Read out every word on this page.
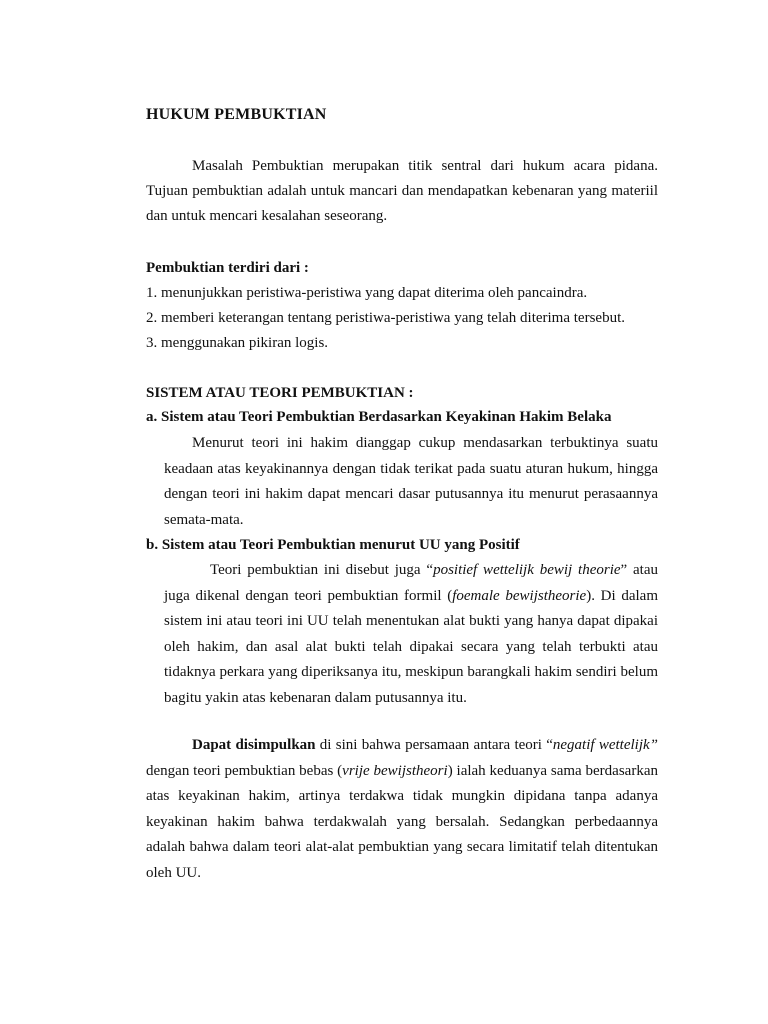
HUKUM PEMBUKTIAN

Masalah Pembuktian merupakan titik sentral dari hukum acara pidana. Tujuan pembuktian adalah untuk mancari dan mendapatkan kebenaran yang materiil dan untuk mencari kesalahan seseorang.

Pembuktian terdiri dari :
1. menunjukkan peristiwa-peristiwa yang dapat diterima oleh pancaindra.
2. memberi keterangan tentang peristiwa-peristiwa yang telah diterima tersebut.
3. menggunakan pikiran logis.
SISTEM ATAU TEORI PEMBUKTIAN :
a. Sistem atau Teori Pembuktian Berdasarkan Keyakinan Hakim Belaka

Menurut teori ini hakim dianggap cukup mendasarkan terbuktinya suatu keadaan atas keyakinannya dengan tidak terikat pada suatu aturan hukum, hingga dengan teori ini hakim dapat mencari dasar putusannya itu menurut perasaannya semata-mata.

b. Sistem atau Teori Pembuktian menurut UU yang Positif

Teori pembuktian ini disebut juga “positief wettelijk bewij theorie” atau juga dikenal dengan teori pembuktian formil (foemale bewijstheorie). Di dalam sistem ini atau teori ini UU telah menentukan alat bukti yang hanya dapat dipakai oleh hakim, dan asal alat bukti telah dipakai secara yang telah terbukti atau tidaknya perkara yang diperiksanya itu, meskipun barangkali hakim sendiri belum bagitu yakin atas kebenaran dalam putusannya itu.

Dapat disimpulkan di sini bahwa persamaan antara teori “negatif wettelijk” dengan teori pembuktian bebas (vrije bewijstheori) ialah keduanya sama berdasarkan atas keyakinan hakim, artinya terdakwa tidak mungkin dipidana tanpa adanya keyakinan hakim bahwa terdakwalah yang bersalah. Sedangkan perbedaannya adalah bahwa dalam teori alat-alat pembuktian yang secara limitatif telah ditentukan oleh UU.
